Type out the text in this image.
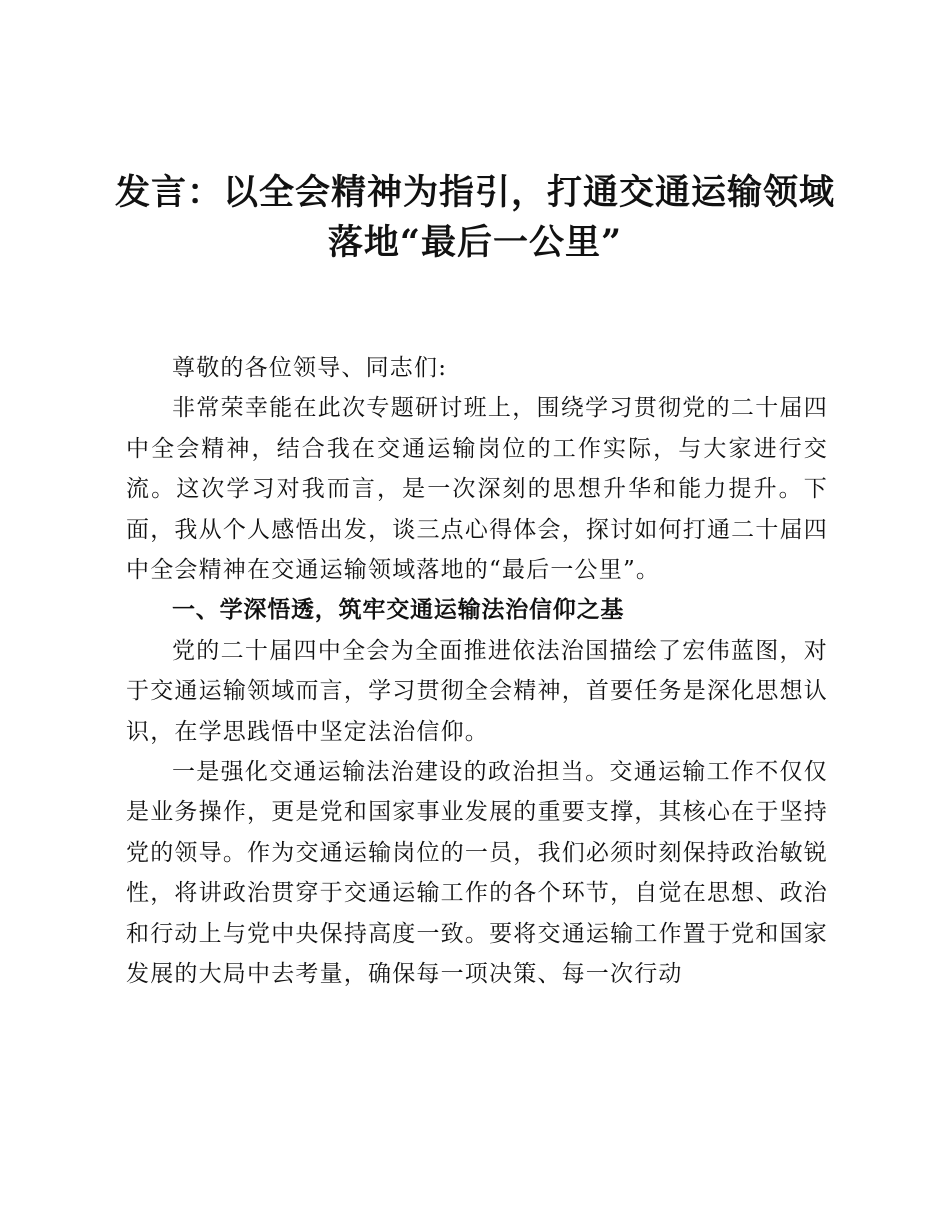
发言：以全会精神为指引，打通交通运输领域
落地“最后一公里”

尊敬的各位领导、同志们:

非常荣幸能在此次专题研讨班上，围绕学习贯彻党的二十届四中全会精神，结合我在交通运输岗位的工作实际，与大家进行交流。这次学习对我而言，是一次深刻的思想升华和能力提升。下面，我从个人感悟出发，谈三点心得体会，探讨如何打通二十届四中全会精神在交通运输领域落地的“最后一公里”。

一、学深悟透，筑牢交通运输法治信仰之基

党的二十届四中全会为全面推进依法治国描绘了宏伟蓝图，对于交通运输领域而言，学习贯彻全会精神，首要任务是深化思想认识，在学思践悟中坚定法治信仰。

一是强化交通运输法治建设的政治担当。交通运输工作不仅仅是业务操作，更是党和国家事业发展的重要支撑，其核心在于坚持党的领导。作为交通运输岗位的一员，我们必须时刻保持政治敏锐性，将讲政治贯穿于交通运输工作的各个环节，自觉在思想、政治和行动上与党中央保持高度一致。要将交通运输工作置于党和国家发展的大局中去考量，确保每一项决策、每一次行动
